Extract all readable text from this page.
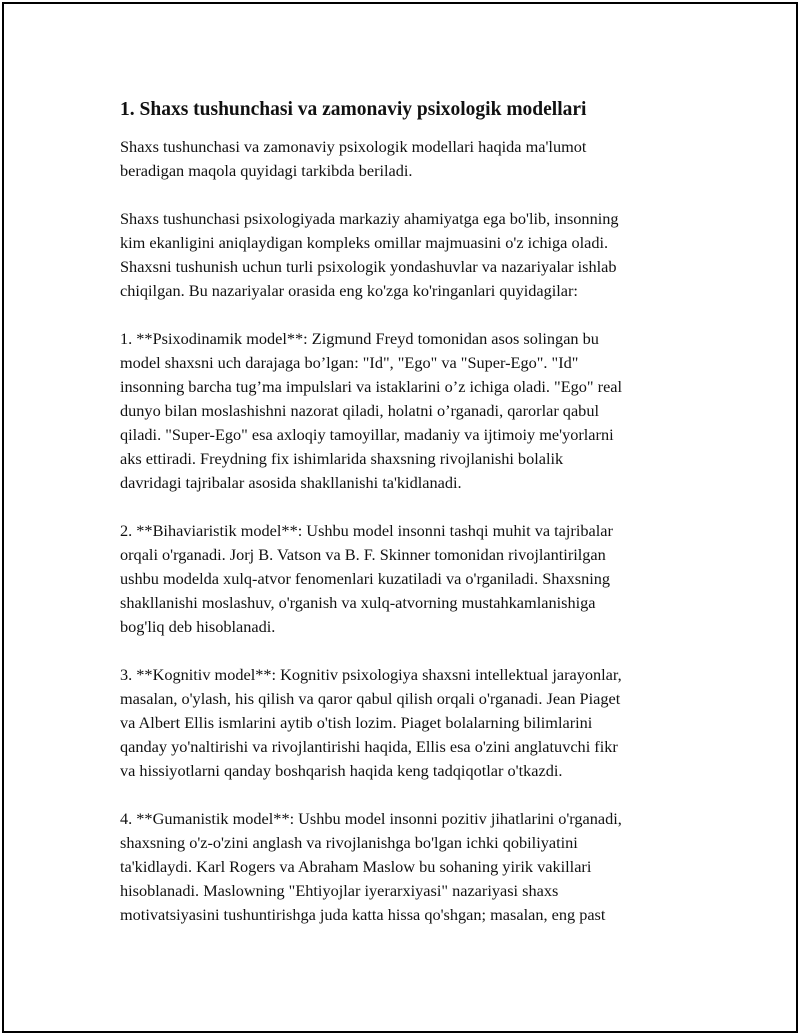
1. Shaxs tushunchasi va zamonaviy psixologik modellari
Shaxs tushunchasi va zamonaviy psixologik modellari haqida ma'lumot
beradigan maqola quyidagi tarkibda beriladi.
Shaxs tushunchasi psixologiyada markaziy ahamiyatga ega bo'lib, insonning
kim ekanligini aniqlaydigan kompleks omillar majmuasini o'z ichiga oladi.
Shaxsni tushunish uchun turli psixologik yondashuvlar va nazariyalar ishlab
chiqilgan. Bu nazariyalar orasida eng ko'zga ko'ringanlari quyidagilar:
1. **Psixodinamik model**: Zigmund Freyd tomonidan asos solingan bu
model shaxsni uch darajaga bo’lgan: "Id", "Ego" va "Super-Ego". "Id"
insonning barcha tug’ma impulslari va istaklarini o’z ichiga oladi. "Ego" real
dunyo bilan moslashishni nazorat qiladi, holatni o’rganadi, qarorlar qabul
qiladi. "Super-Ego" esa axloqiy tamoyillar, madaniy va ijtimoiy me'yorlarni
aks ettiradi. Freydning fix ishimlarida shaxsning rivojlanishi bolalik
davridagi tajribalar asosida shakllanishi ta'kidlanadi.
2. **Bihaviaristik model**: Ushbu model insonni tashqi muhit va tajribalar
orqali o'rganadi. Jorj B. Vatson va B. F. Skinner tomonidan rivojlantirilgan
ushbu modelda xulq-atvor fenomenlari kuzatiladi va o'rganiladi. Shaxsning
shakllanishi moslashuv, o'rganish va xulq-atvorning mustahkamlanishiga
bog'liq deb hisoblanadi.
3. **Kognitiv model**: Kognitiv psixologiya shaxsni intellektual jarayonlar,
masalan, o'ylash, his qilish va qaror qabul qilish orqali o'rganadi. Jean Piaget
va Albert Ellis ismlarini aytib o'tish lozim. Piaget bolalarning bilimlarini
qanday yo'naltirishi va rivojlantirishi haqida, Ellis esa o'zini anglatuvchi fikr
va hissiyotlarni qanday boshqarish haqida keng tadqiqotlar o'tkazdi.
4. **Gumanistik model**: Ushbu model insonni pozitiv jihatlarini o'rganadi,
shaxsning o'z-o'zini anglash va rivojlanishga bo'lgan ichki qobiliyatini
ta'kidlaydi. Karl Rogers va Abraham Maslow bu sohaning yirik vakillari
hisoblanadi. Maslowning "Ehtiyojlar iyerarxiyasi" nazariyasi shaxs
motivatsiyasini tushuntirishga juda katta hissa qo'shgan; masalan, eng past
